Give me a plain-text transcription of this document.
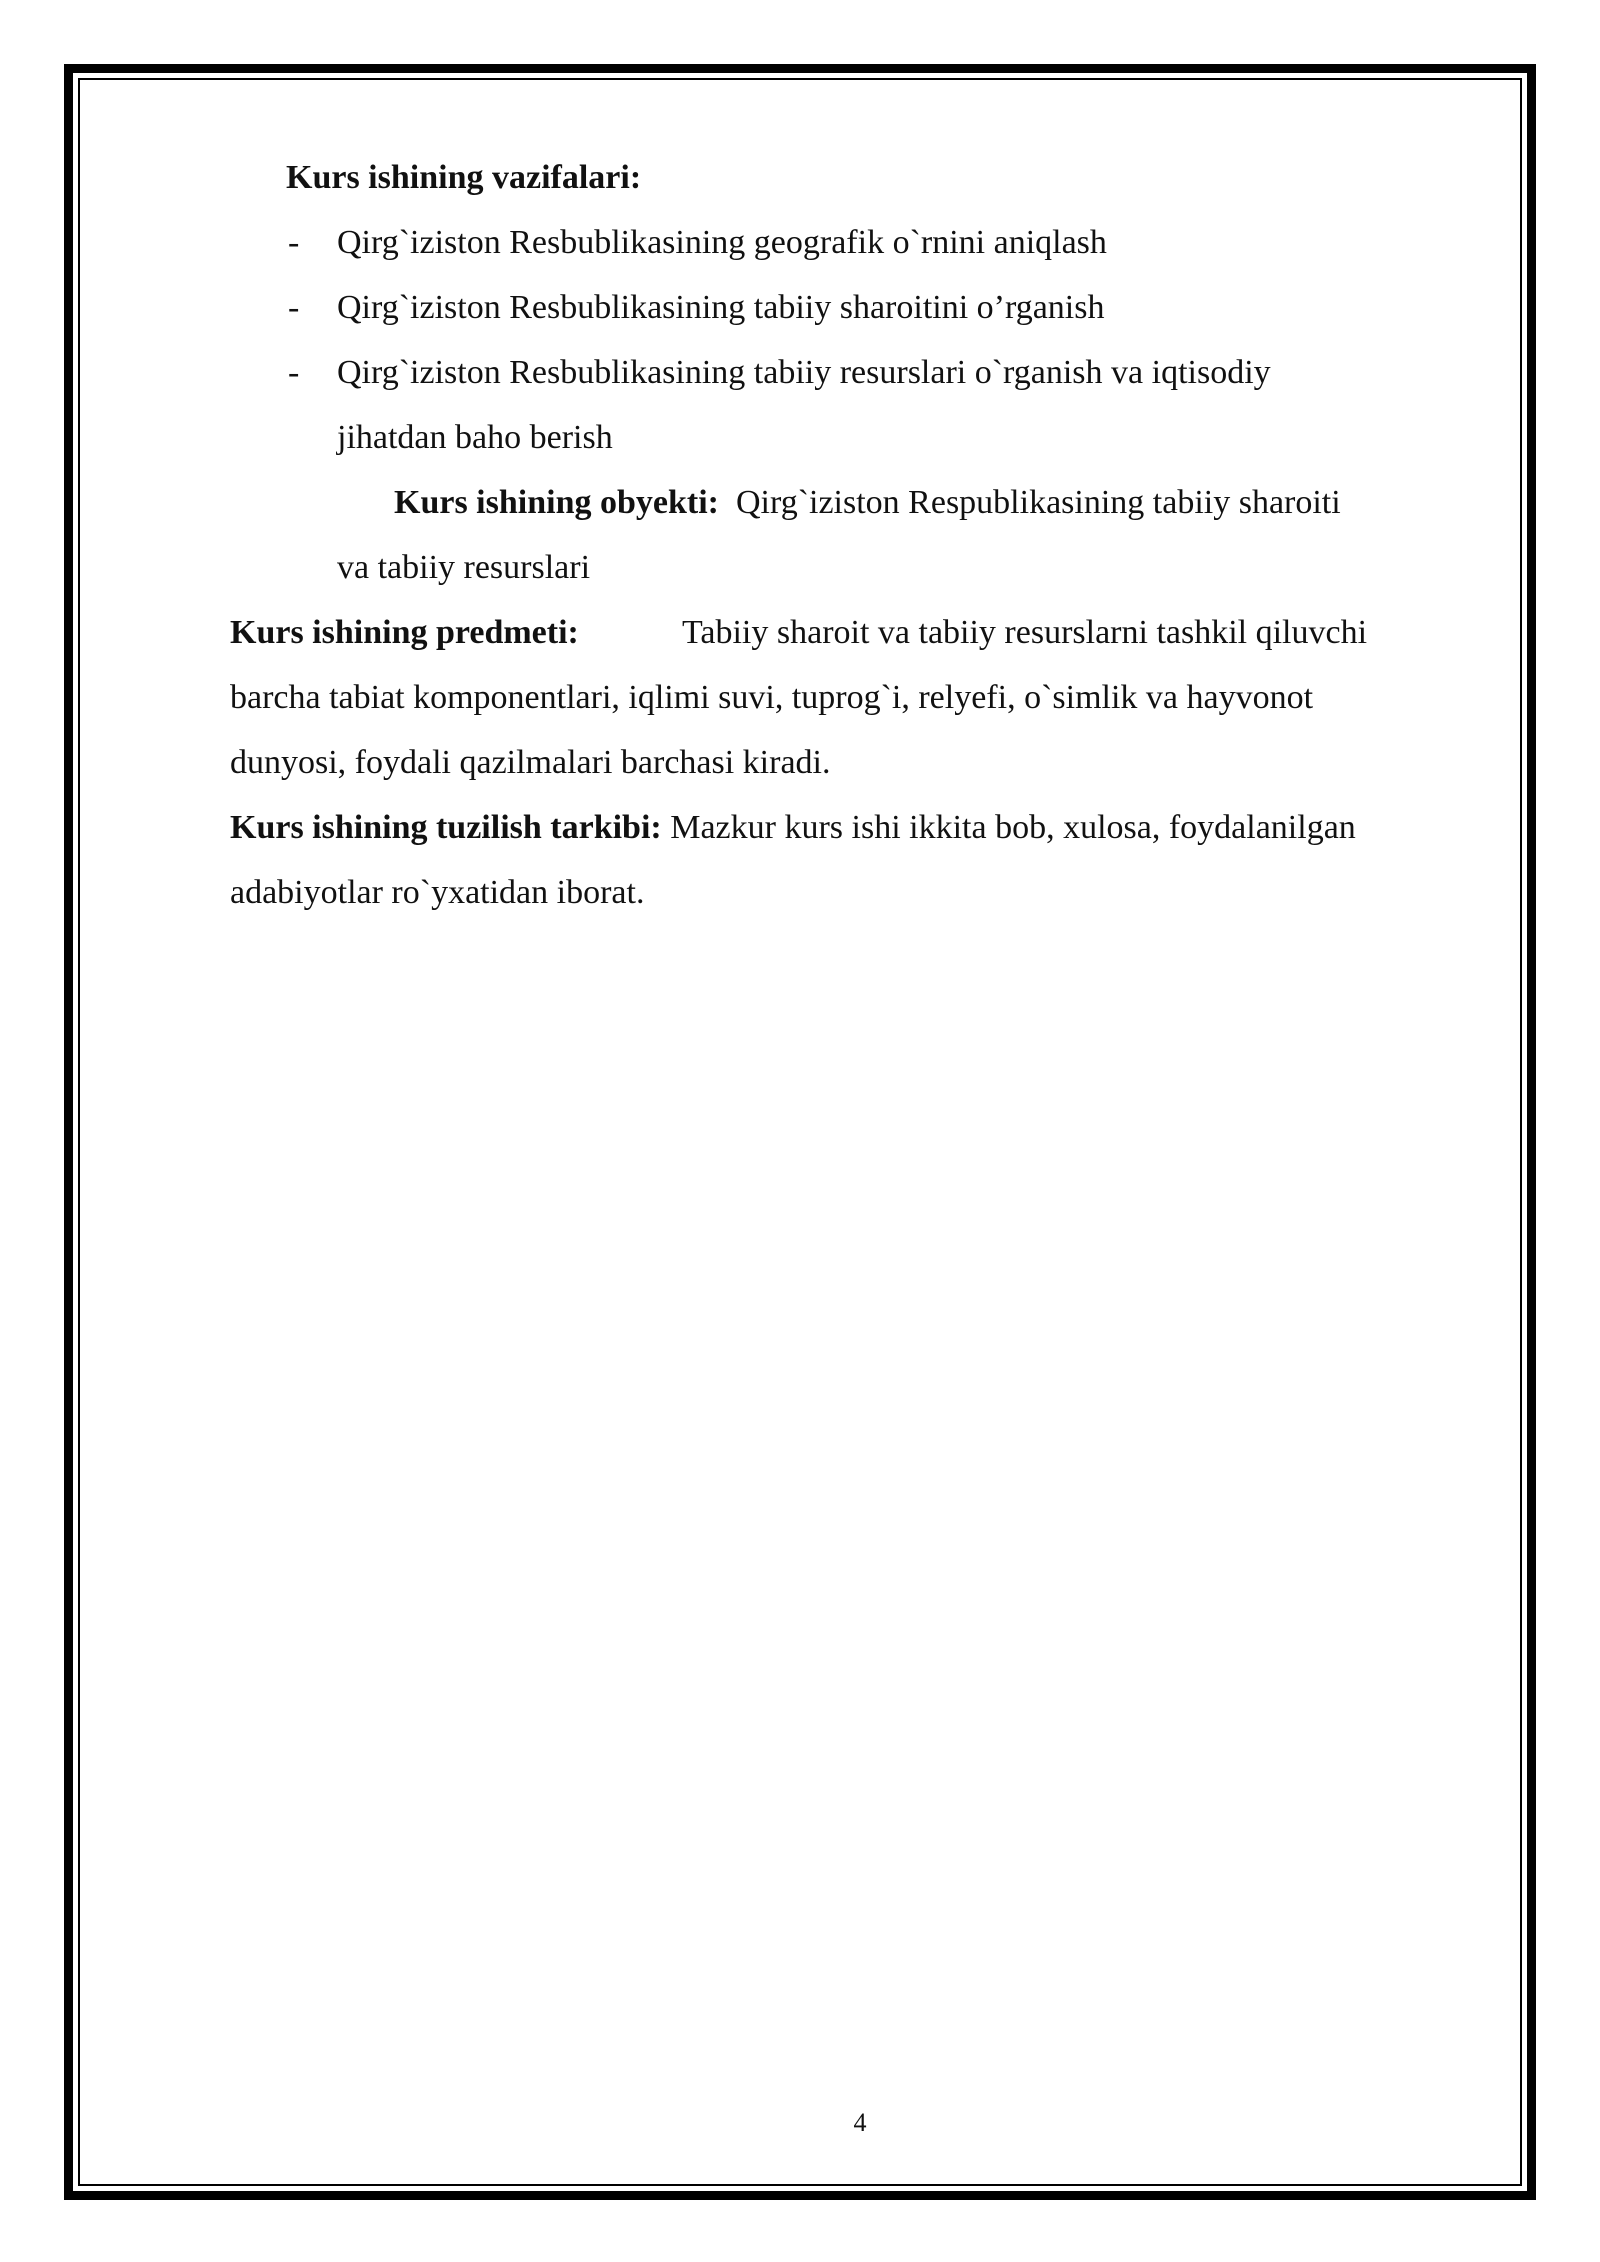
Kurs ishining vazifalari:
- Qirg`iziston Resbublikasining geografik o`rnini aniqlash
- Qirg`iziston Resbublikasining tabiiy sharoitini o’rganish
- Qirg`iziston Resbublikasining tabiiy resurslari o`rganish va iqtisodiy
jihatdan baho berish
Kurs ishining obyekti: Qirg`iziston Respublikasining tabiiy sharoiti
va tabiiy resurslari
Kurs ishining predmeti:	Tabiiy sharoit va tabiiy resurslarni tashkil qiluvchi
barcha tabiat komponentlari, iqlimi suvi, tuprog`i, relyefi, o`simlik va hayvonot
dunyosi, foydali qazilmalari barchasi kiradi.
Kurs ishining tuzilish tarkibi: Mazkur kurs ishi ikkita bob, xulosa, foydalanilgan
adabiyotlar ro`yxatidan iborat.
4
